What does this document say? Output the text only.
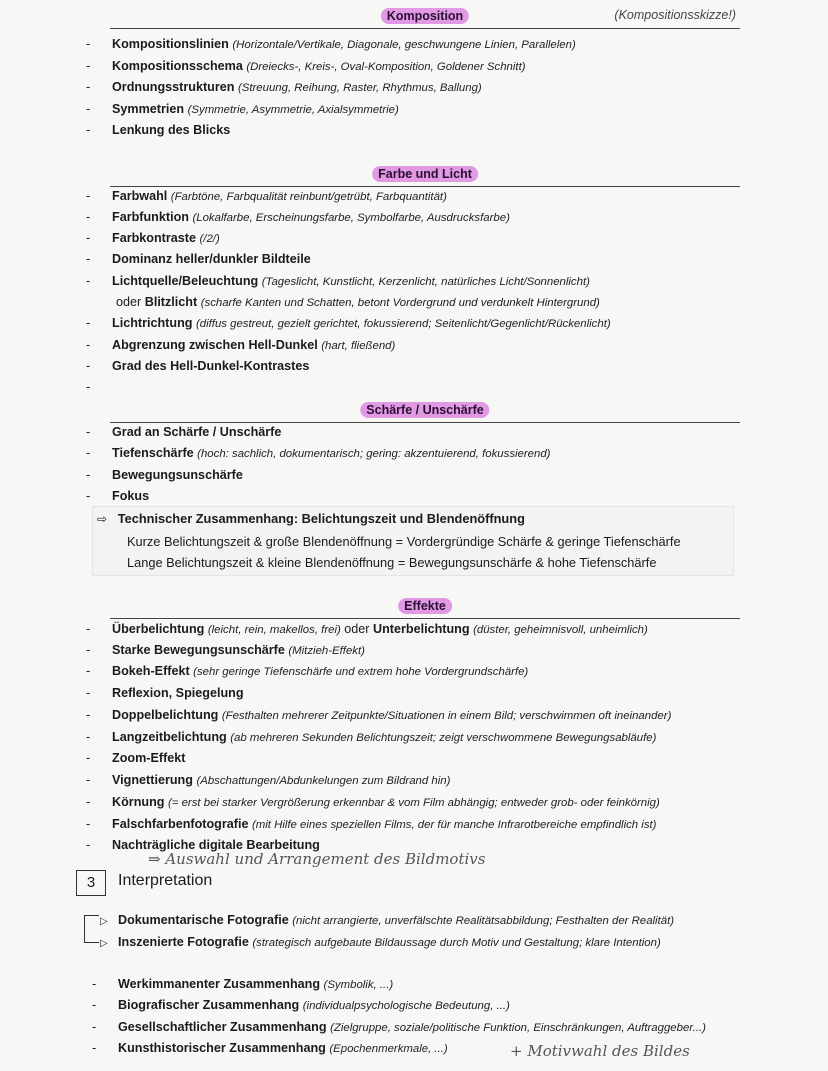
Komposition	(Kompositionsskizze!)
- Kompositionslinien (Horizontale/Vertikale, Diagonale, geschwungene Linien, Parallelen)
- Kompositionsschema (Dreiecks-, Kreis-, Oval-Komposition, Goldener Schnitt)
- Ordnungsstrukturen (Streuung, Reihung, Raster, Rhythmus, Ballung)
- Symmetrien (Symmetrie, Asymmetrie, Axialsymmetrie)
- Lenkung des Blicks
Farbe und Licht
- Farbwahl (Farbtöne, Farbqualität reinbunt/getrübt, Farbquantität)
- Farbfunktion (Lokalfarbe, Erscheinungsfarbe, Symbolfarbe, Ausdrucksfarbe)
- Farbkontraste (/2/)
- Dominanz heller/dunkler Bildteile
- Lichtquelle/Beleuchtung (Tageslicht, Kunstlicht, Kerzenlicht, natürliches Licht/Sonnenlicht)
oder Blitzlicht (scharfe Kanten und Schatten, betont Vordergrund und verdunkelt Hintergrund)
- Lichtrichtung (diffus gestreut, gezielt gerichtet, fokussierend; Seitenlicht/Gegenlicht/Rückenlicht)
- Abgrenzung zwischen Hell-Dunkel (hart, fließend)
- Grad des Hell-Dunkel-Kontrastes
-
Schärfe / Unschärfe
- Grad an Schärfe / Unschärfe
- Tiefenschärfe (hoch: sachlich, dokumentarisch; gering: akzentuierend, fokussierend)
- Bewegungsunschärfe
- Fokus
⇨ Technischer Zusammenhang: Belichtungszeit und Blendenöffnung
Kurze Belichtungszeit & große Blendenöffnung = Vordergründige Schärfe & geringe Tiefenschärfe
Lange Belichtungszeit & kleine Blendenöffnung = Bewegungsunschärfe & hohe Tiefenschärfe
Effekte
- Überbelichtung (leicht, rein, makellos, frei) oder Unterbelichtung (düster, geheimnisvoll, unheimlich)
- Starke Bewegungsunschärfe (Mitzieh-Effekt)
- Bokeh-Effekt (sehr geringe Tiefenschärfe und extrem hohe Vordergrundschärfe)
- Reflexion, Spiegelung
- Doppelbelichtung (Festhalten mehrerer Zeitpunkte/Situationen in einem Bild; verschwimmen oft ineinander)
- Langzeitbelichtung (ab mehreren Sekunden Belichtungszeit; zeigt verschwommene Bewegungsabläufe)
- Zoom-Effekt
- Vignettierung (Abschattungen/Abdunkelungen zum Bildrand hin)
- Körnung (= erst bei starker Vergrößerung erkennbar & vom Film abhängig; entweder grob- oder feinkörnig)
- Falschfarbenfotografie (mit Hilfe eines speziellen Films, der für manche Infrarotbereiche empfindlich ist)
- Nachträgliche digitale Bearbeitung
⇒ Auswahl und Arrangement des Bildmotivs
3	Interpretation
▷ Dokumentarische Fotografie (nicht arrangierte, unverfälschte Realitätsabbildung; Festhalten der Realität)
▷ Inszenierte Fotografie (strategisch aufgebaute Bildaussage durch Motiv und Gestaltung; klare Intention)
- Werkimmanenter Zusammenhang (Symbolik, ...)
- Biografischer Zusammenhang (individualpsychologische Bedeutung, ...)
- Gesellschaftlicher Zusammenhang (Zielgruppe, soziale/politische Funktion, Einschränkungen, Auftraggeber...)
- Kunsthistorischer Zusammenhang (Epochenmerkmale, ...)	+ Motivwahl des Bildes
